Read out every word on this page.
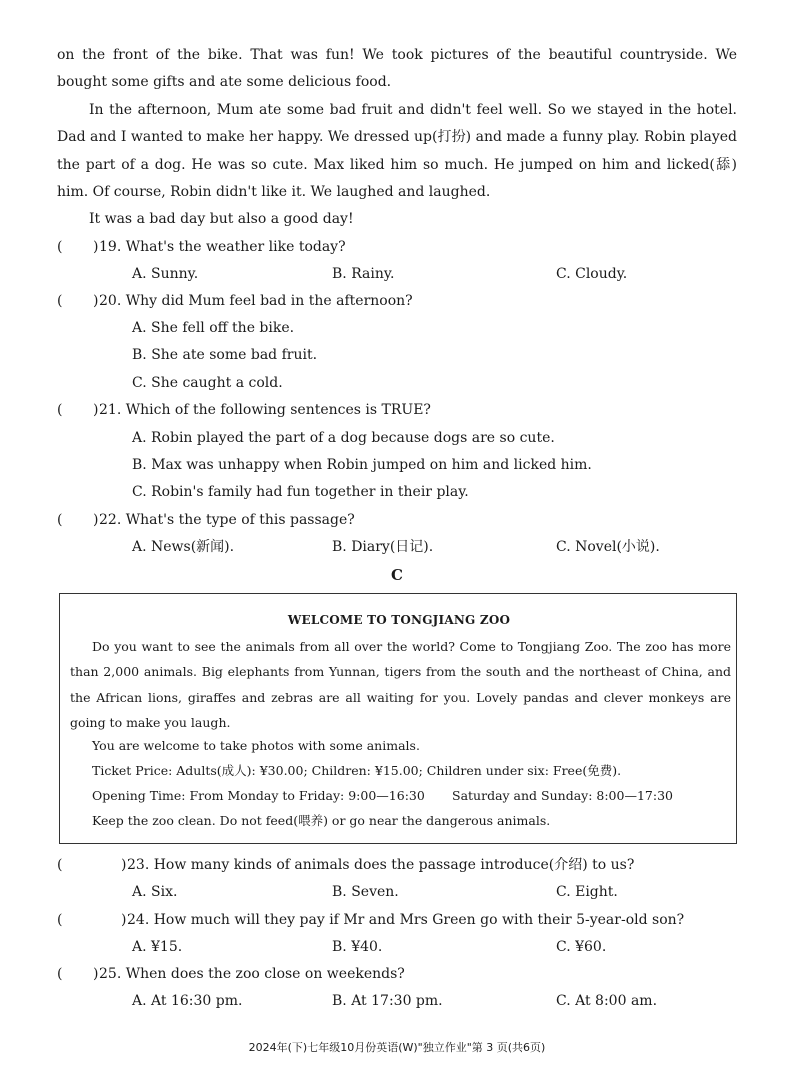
on the front of the bike. That was fun! We took pictures of the beautiful countryside. We bought some gifts and ate some delicious food.

In the afternoon, Mum ate some bad fruit and didn't feel well. So we stayed in the hotel. Dad and I wanted to make her happy. We dressed up(打扮) and made a funny play. Robin played the part of a dog. He was so cute. Max liked him so much. He jumped on him and licked(舔) him. Of course, Robin didn't like it. We laughed and laughed.

It was a bad day but also a good day!

( ) 19. What's the weather like today?
A. Sunny.	B. Rainy.	C. Cloudy.
( ) 20. Why did Mum feel bad in the afternoon?
A. She fell off the bike.
B. She ate some bad fruit.
C. She caught a cold.
( ) 21. Which of the following sentences is TRUE?
A. Robin played the part of a dog because dogs are so cute.
B. Max was unhappy when Robin jumped on him and licked him.
C. Robin's family had fun together in their play.
( ) 22. What's the type of this passage?
A. News(新闻).	B. Diary(日记).	C. Novel(小说).
C
WELCOME TO TONGJIANG ZOO

Do you want to see the animals from all over the world? Come to Tongjiang Zoo. The zoo has more than 2,000 animals. Big elephants from Yunnan, tigers from the south and the northeast of China, and the African lions, giraffes and zebras are all waiting for you. Lovely pandas and clever monkeys are going to make you laugh.

You are welcome to take photos with some animals.
Ticket Price: Adults(成人): ¥30.00; Children: ¥15.00; Children under six: Free(免费).
Opening Time: From Monday to Friday: 9:00—16:30 Saturday and Sunday: 8:00—17:30
Keep the zoo clean. Do not feed(喂养) or go near the dangerous animals.
(	) 23. How many kinds of animals does the passage introduce(介绍) to us?
A. Six.	B. Seven.	C. Eight.
(	) 24. How much will they pay if Mr and Mrs Green go with their 5-year-old son?
A. ¥15.	B. ¥40.	C. ¥60.
( ) 25. When does the zoo close on weekends?
A. At 16:30 pm.	B. At 17:30 pm.	C. At 8:00 am.
2024年(下)七年级10月份英语(W)"独立作业"第 3 页(共6页)
